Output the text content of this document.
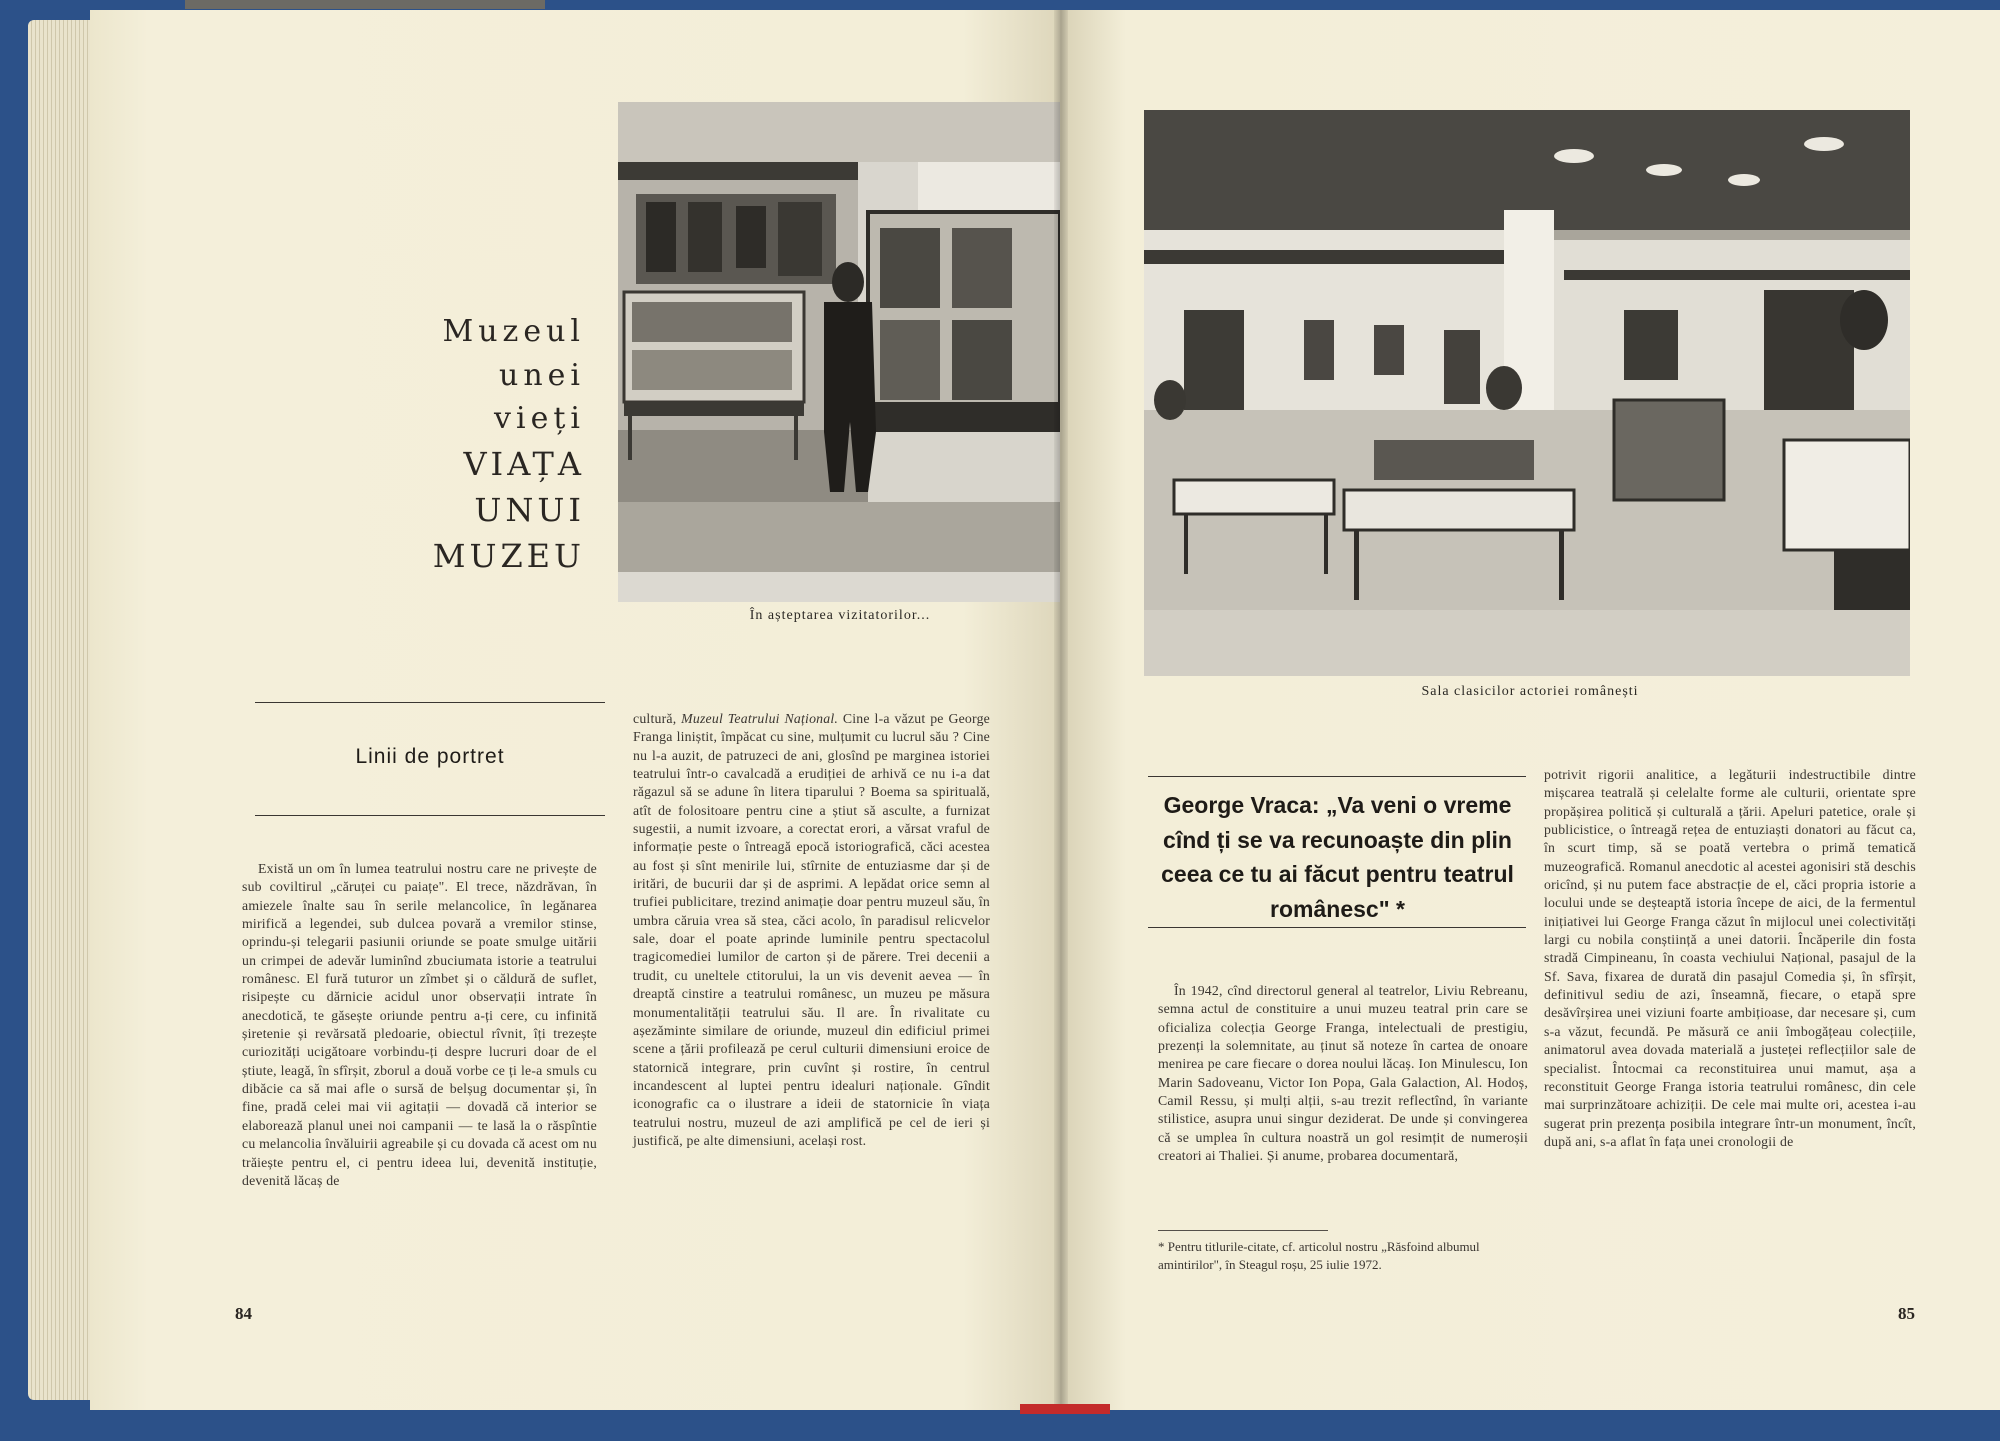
Muzeul
unei
vieți
VIAȚA
UNUI
MUZEU
În așteptarea vizitatorilor...
Linii de portret

Există un om în lumea teatrului nostru care ne privește de sub coviltirul „căruței cu paiațe". El trece, năzdrăvan, în amiezele înalte sau în serile melancolice, în legănarea mirifică a legendei, sub dulcea povară a vremilor stinse, oprindu-și telegarii pasiunii oriunde se poate smulge uitării un crimpei de adevăr luminînd zbuciumata istorie a teatrului românesc. El fură tuturor un zîmbet și o căldură de suflet, risipește cu dărnicie acidul unor observații intrate în anecdotică, te găsește oriunde pentru a-ți cere, cu infinită șiretenie și revărsată pledoarie, obiectul rîvnit, îți trezește curiozități ucigătoare vorbindu-ți despre lucruri doar de el știute, leagă, în sfîrșit, zborul a două vorbe ce ți le-a smuls cu dibăcie ca să mai afle o sursă de belșug documentar și, în fine, pradă celei mai vii agitații — dovadă că interior se elaborează planul unei noi campanii — te lasă la o răspîntie cu melancolia învăluirii agreabile și cu dovada că acest om nu trăiește pentru el, ci pentru ideea lui, devenită instituție, devenită lăcaș de

cultură, Muzeul Teatrului Național. Cine l-a văzut pe George Franga liniștit, împăcat cu sine, mulțumit cu lucrul său ? Cine nu l-a auzit, de patruzeci de ani, glosînd pe marginea istoriei teatrului într-o cavalcadă a erudiției de arhivă ce nu i-a dat răgazul să se adune în litera tiparului ? Boema sa spirituală, atît de folositoare pentru cine a știut să asculte, a furnizat sugestii, a numit izvoare, a corectat erori, a vărsat vraful de informație peste o întreagă epocă istoriografică, căci acestea au fost și sînt menirile lui, stîrnite de entuziasme dar și de iritări, de bucurii dar și de asprimi. A lepădat orice semn al trufiei publicitare, trezind animație doar pentru muzeul său, în umbra căruia vrea să stea, căci acolo, în paradisul relicvelor sale, doar el poate aprinde luminile pentru spectacolul tragicomediei lumilor de carton și de părere. Trei decenii a trudit, cu uneltele ctitorului, la un vis devenit aevea — în dreaptă cinstire a teatrului românesc, un muzeu pe măsura monumentalității teatrului său. Il are. În rivalitate cu așezăminte similare de oriunde, muzeul din edificiul primei scene a țării profilează pe cerul culturii dimensiuni eroice de statornică integrare, prin cuvînt și rostire, în centrul incandescent al luptei pentru idealuri naționale. Gîndit iconografic ca o ilustrare a ideii de statornicie în viața teatrului nostru, muzeul de azi amplifică pe cel de ieri și justifică, pe alte dimensiuni, același rost.

84
Sala clasicilor actoriei românești
George Vraca: „Va veni o vreme cînd ți se va recunoaște din plin ceea ce tu ai făcut pentru teatrul românesc" *

În 1942, cînd directorul general al teatrelor, Liviu Rebreanu, semna actul de constituire a unui muzeu teatral prin care se oficializa colecția George Franga, intelectuali de prestigiu, prezenți la solemnitate, au ținut să noteze în cartea de onoare menirea pe care fiecare o dorea noului lăcaș. Ion Minulescu, Ion Marin Sadoveanu, Victor Ion Popa, Gala Galaction, Al. Hodoș, Camil Ressu, și mulți alții, s-au trezit reflectînd, în variante stilistice, asupra unui singur deziderat. De unde și convingerea că se umplea în cultura noastră un gol resimțit de numeroșii creatori ai Thaliei. Și anume, probarea documentară,

* Pentru titlurile-citate, cf. articolul nostru „Răsfoind albumul amintirilor", în Steagul roșu, 25 iulie 1972.

potrivit rigorii analitice, a legăturii indestructibile dintre mișcarea teatrală și celelalte forme ale culturii, orientate spre propășirea politică și culturală a țării. Apeluri patetice, orale și publicistice, o întreagă rețea de entuziaști donatori au făcut ca, în scurt timp, să se poată vertebra o primă tematică muzeografică. Romanul anecdotic al acestei agonisiri stă deschis oricînd, și nu putem face abstracție de el, căci propria istorie a locului unde se deșteaptă istoria începe de aici, de la fermentul inițiativei lui George Franga căzut în mijlocul unei colectivități largi cu nobila conștiință a unei datorii. Încăperile din fosta stradă Cimpineanu, în coasta vechiului Național, pasajul de la Sf. Sava, fixarea de durată din pasajul Comedia și, în sfîrșit, definitivul sediu de azi, înseamnă, fiecare, o etapă spre desăvîrșirea unei viziuni foarte ambițioase, dar necesare și, cum s-a văzut, fecundă. Pe măsură ce anii îmbogățeau colecțiile, animatorul avea dovada materială a justeței reflecțiilor sale de specialist. Întocmai ca reconstituirea unui mamut, așa a reconstituit George Franga istoria teatrului românesc, din cele mai surprinzătoare achiziții. De cele mai multe ori, acestea i-au sugerat prin prezența posibila integrare într-un monument, încît, după ani, s-a aflat în fața unei cronologii de

85
